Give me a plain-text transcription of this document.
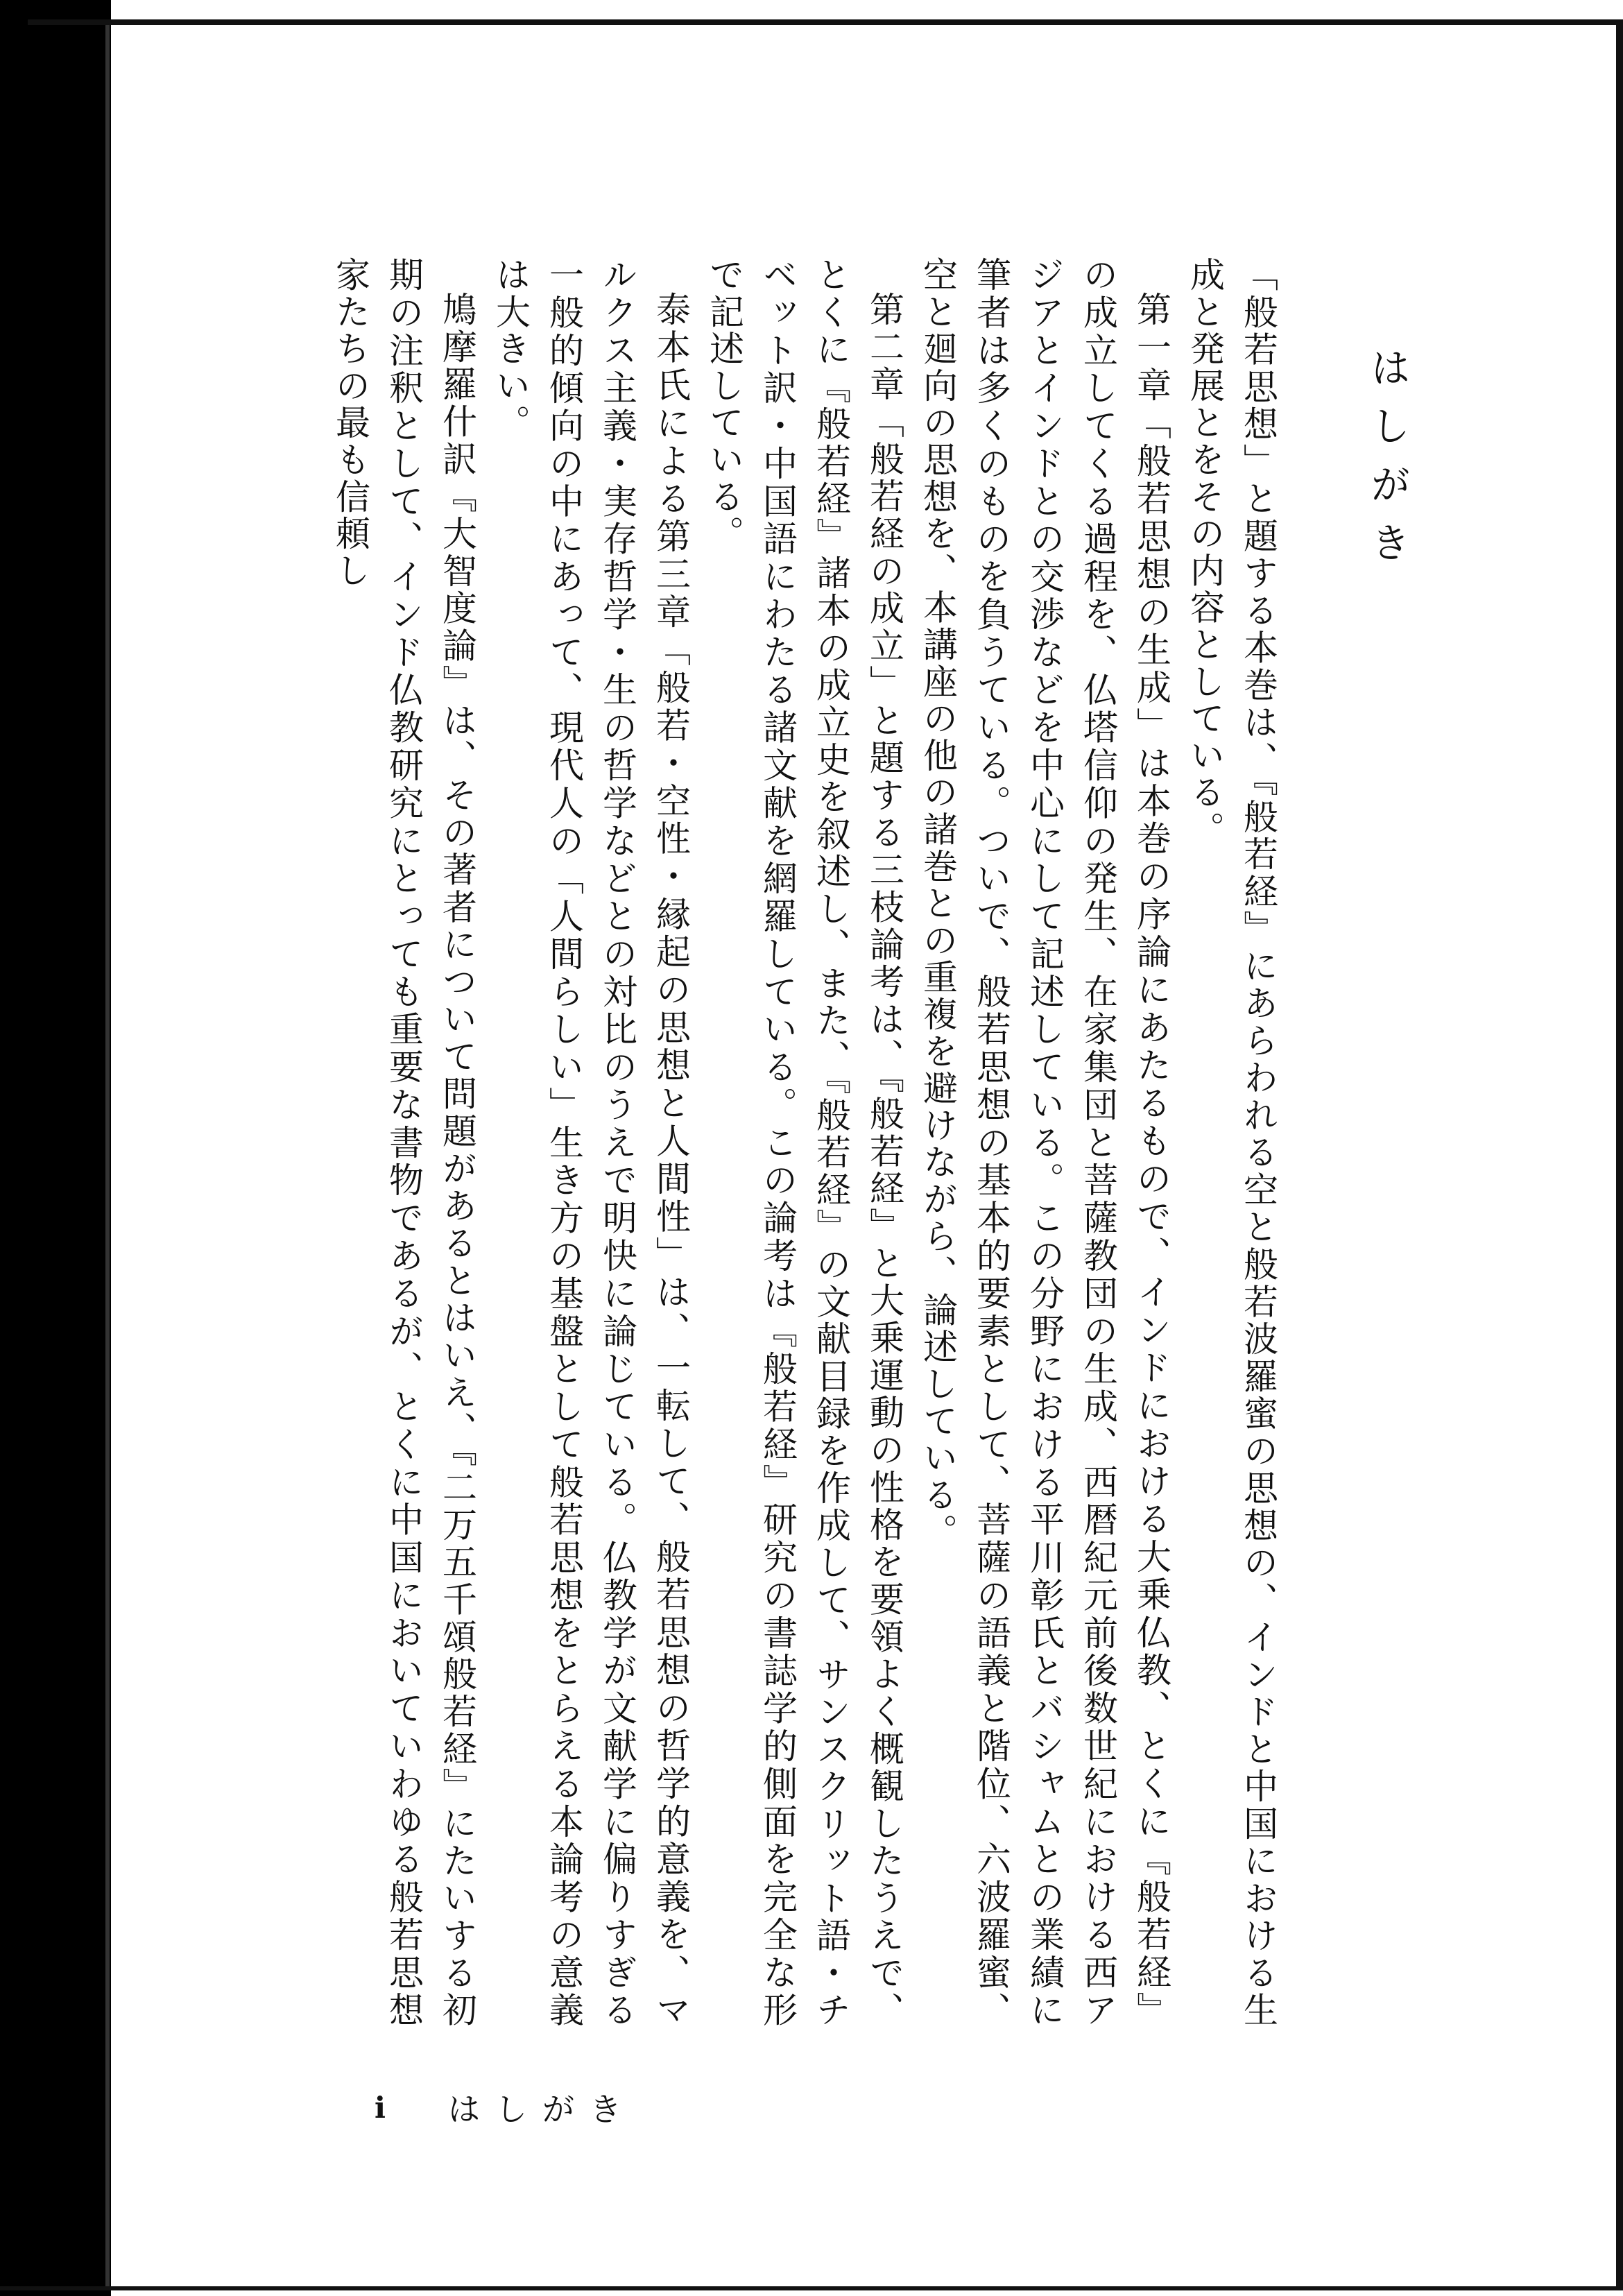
はしがき

「般若思想」と題する本巻は、『般若経』にあらわれる空と般若波羅蜜の思想の、インドと中国における生成と発展とをその内容としている。

第一章「般若思想の生成」は本巻の序論にあたるもので、インドにおける大乗仏教、とくに『般若経』の成立してくる過程を、仏塔信仰の発生、在家集団と菩薩教団の生成、西暦紀元前後数世紀における西アジアとインドとの交渉などを中心にして記述している。この分野における平川彰氏とバシャムとの業績に筆者は多くのものを負うている。ついで、般若思想の基本的要素として、菩薩の語義と階位、六波羅蜜、空と廻向の思想を、本講座の他の諸巻との重複を避けながら、論述している。

第二章「般若経の成立」と題する三枝論考は、『般若経』と大乗運動の性格を要領よく概観したうえで、とくに『般若経』諸本の成立史を叙述し、また、『般若経』の文献目録を作成して、サンスクリット語・チベット訳・中国語にわたる諸文献を網羅している。この論考は『般若経』研究の書誌学的側面を完全な形で記述している。

泰本氏による第三章「般若・空性・縁起の思想と人間性」は、一転して、般若思想の哲学的意義を、マルクス主義・実存哲学・生の哲学などとの対比のうえで明快に論じている。仏教学が文献学に偏りすぎる一般的傾向の中にあって、現代人の「人間らしい」生き方の基盤として般若思想をとらえる本論考の意義は大きい。

鳩摩羅什訳『大智度論』は、その著者について問題があるとはいえ、『二万五千頌般若経』にたいする初期の注釈として、インド仏教研究にとっても重要な書物であるが、とくに中国においていわゆる般若思想家たちの最も信頼し

i はしがき
